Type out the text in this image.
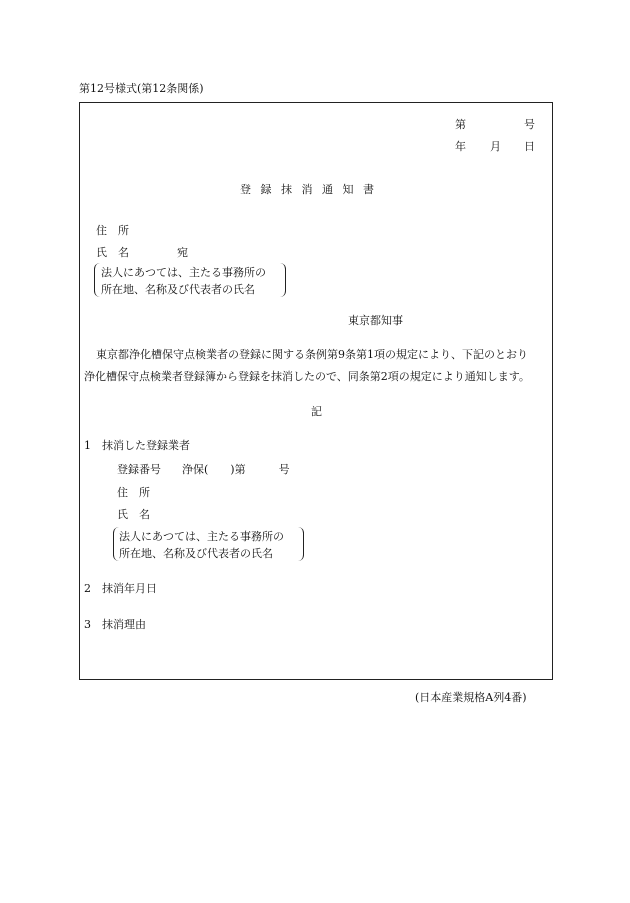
第12号様式(第12条関係)
第	号
年 月 日
登 録 抹 消 通 知 書
住　所
氏　名	宛
法人にあつては、主たる事務所の
所在地、名称及び代表者の氏名
東京都知事
東京都浄化槽保守点検業者の登録に関する条例第9条第1項の規定により、下記のとおり
浄化槽保守点検業者登録簿から登録を抹消したので、同条第2項の規定により通知します。
記
1　抹消した登録業者
登録番号 浄保(　　)第　　　号
住　所
氏　名
法人にあつては、主たる事務所の
所在地、名称及び代表者の氏名
2　抹消年月日
3　抹消理由
(日本産業規格A列4番)
